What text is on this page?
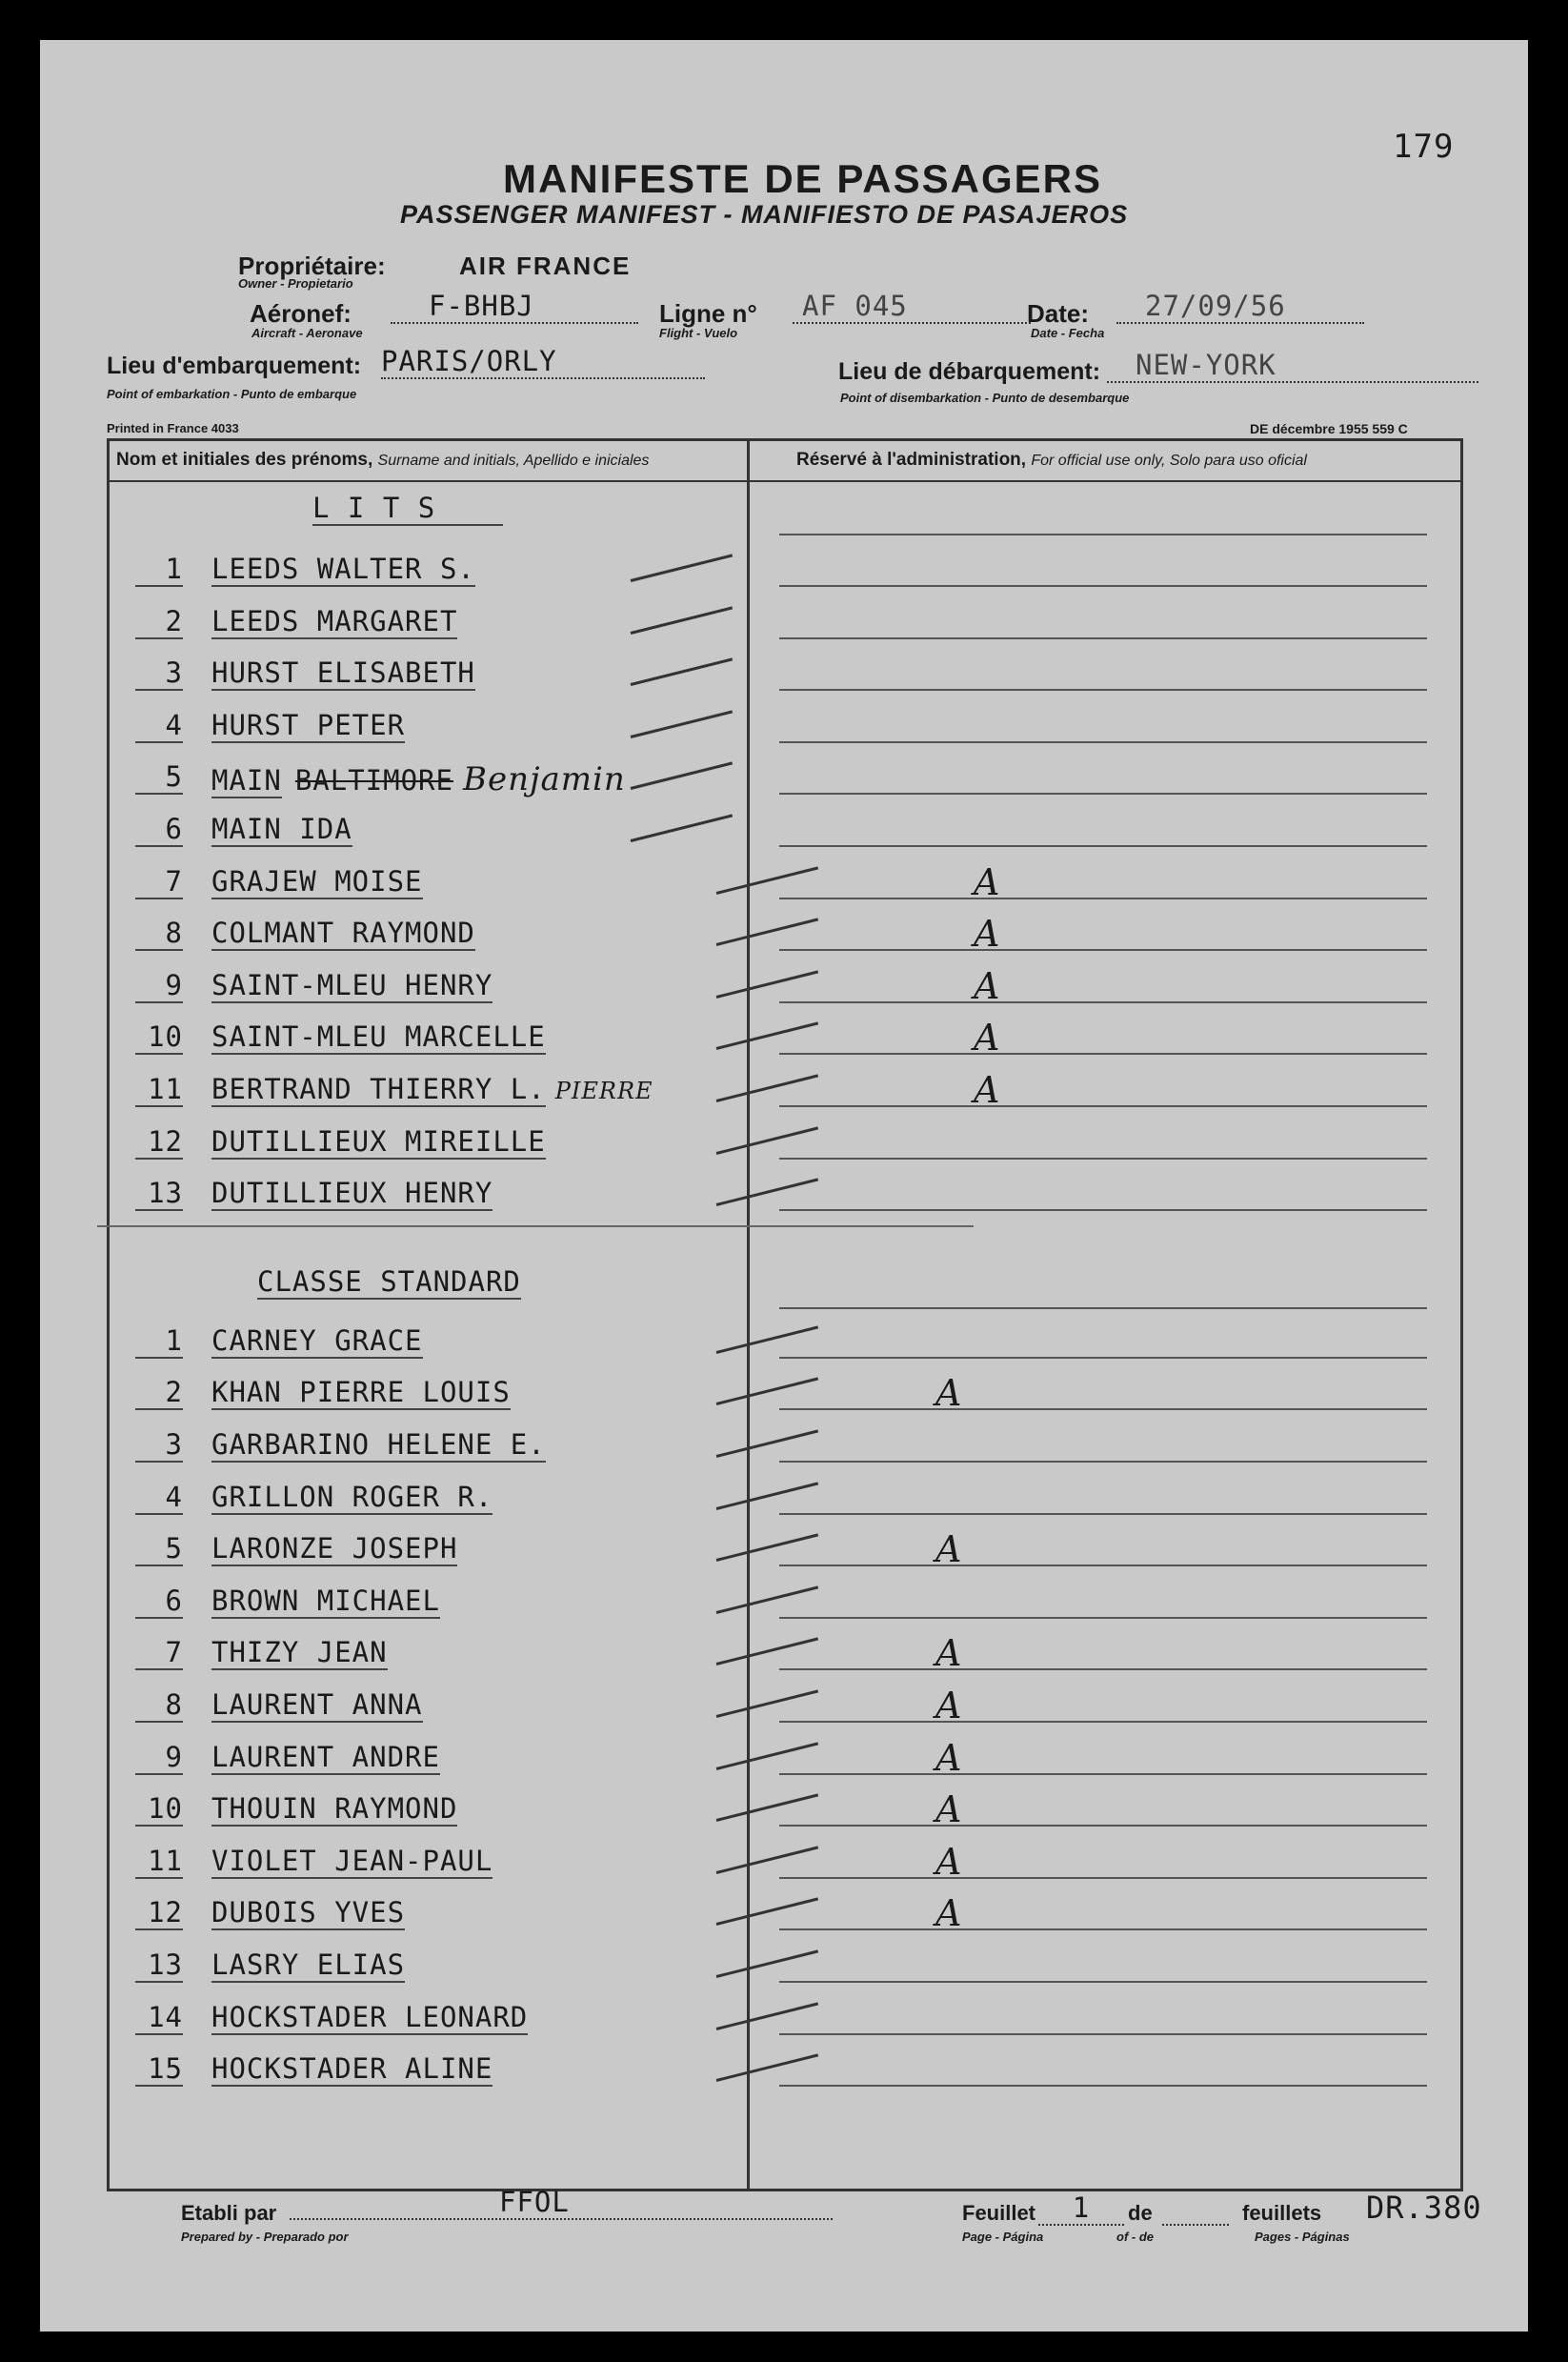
179
MANIFESTE DE PASSAGERS
PASSENGER MANIFEST - MANIFIESTO DE PASAJEROS
Propriétaire:	AIR FRANCE
Owner - Propietario
Aéronef:	F-BHBJ
Aircraft - Aeronave
Ligne n°	AF 045
Flight - Vuelo
Date:	27/09/56
Date - Fecha
Lieu d'embarquement: PARIS/ORLY
Point of embarkation - Punto de embarque
Lieu de débarquement:	NEW-YORK
Point of disembarkation - Punto de desembarque
Printed in France 4033	DE décembre 1955 559 C
Nom et initiales des prénoms, Surname and initials, Apellido e iniciales	Réservé à l'administration, For official use only, Solo para uso oficial
L I T S
1 LEEDS WALTER S.
2 LEEDS MARGARET
3 HURST ELISABETH
4 HURST PETER
5 MAIN BALTIMORE Benjamin
6 MAIN IDA
7 GRAJEW MOISE	A
8 COLMANT RAYMOND	A
9 SAINT-MLEU HENRY	A
10 SAINT-MLEU MARCELLE	A
11 BERTRAND THIERRY L. PIERRE	A
12 DUTILLIEUX MIREILLE
13 DUTILLIEUX HENRY
CLASSE STANDARD
1 CARNEY GRACE
2 KHAN PIERRE LOUIS	A
3 GARBARINO HELENE E.
4 GRILLON ROGER R.
5 LARONZE JOSEPH	A
6 BROWN MICHAEL
7 THIZY JEAN	A
8 LAURENT ANNA	A
9 LAURENT ANDRE	A
10 THOUIN RAYMOND	A
11 VIOLET JEAN-PAUL	A
12 DUBOIS YVES	A
13 LASRY ELIAS
14 HOCKSTADER LEONARD
15 HOCKSTADER ALINE
Etabli par	FFOL
Prepared by - Preparado por
Feuillet	1	de	feuillets
Page - Página	of - de	Pages - Páginas
DR.380
